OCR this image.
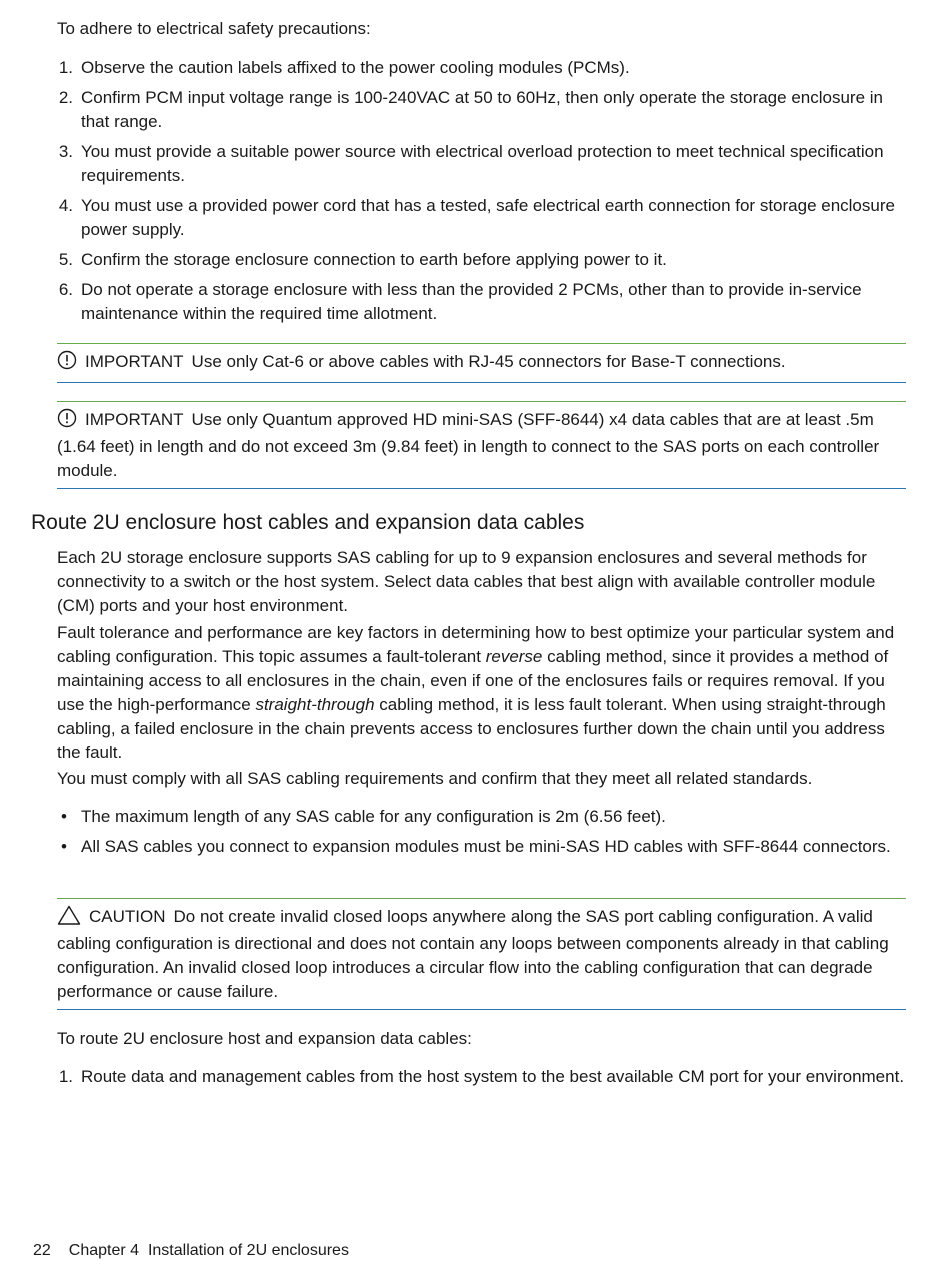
To adhere to electrical safety precautions:

1. Observe the caution labels affixed to the power cooling modules (PCMs).
2. Confirm PCM input voltage range is 100-240VAC at 50 to 60Hz, then only operate the storage enclosure in that range.
3. You must provide a suitable power source with electrical overload protection to meet technical specification requirements.
4. You must use a provided power cord that has a tested, safe electrical earth connection for storage enclosure power supply.
5. Confirm the storage enclosure connection to earth before applying power to it.
6. Do not operate a storage enclosure with less than the provided 2 PCMs, other than to provide in-service maintenance within the required time allotment.
IMPORTANT Use only Cat-6 or above cables with RJ-45 connectors for Base-T connections.
IMPORTANT Use only Quantum approved HD mini-SAS (SFF-8644) x4 data cables that are at least .5m (1.64 feet) in length and do not exceed 3m (9.84 feet) in length to connect to the SAS ports on each controller module.
Route 2U enclosure host cables and expansion data cables

Each 2U storage enclosure supports SAS cabling for up to 9 expansion enclosures and several methods for connectivity to a switch or the host system. Select data cables that best align with available controller module (CM) ports and your host environment.

Fault tolerance and performance are key factors in determining how to best optimize your particular system and cabling configuration. This topic assumes a fault-tolerant reverse cabling method, since it provides a method of maintaining access to all enclosures in the chain, even if one of the enclosures fails or requires removal. If you use the high-performance straight-through cabling method, it is less fault tolerant. When using straight-through cabling, a failed enclosure in the chain prevents access to enclosures further down the chain until you address the fault.

You must comply with all SAS cabling requirements and confirm that they meet all related standards.

• The maximum length of any SAS cable for any configuration is 2m (6.56 feet).
• All SAS cables you connect to expansion modules must be mini-SAS HD cables with SFF-8644 connectors.
CAUTION Do not create invalid closed loops anywhere along the SAS port cabling configuration. A valid cabling configuration is directional and does not contain any loops between components already in that cabling configuration. An invalid closed loop introduces a circular flow into the cabling configuration that can degrade performance or cause failure.

To route 2U enclosure host and expansion data cables:

1. Route data and management cables from the host system to the best available CM port for your environment.
22 Chapter 4  Installation of 2U enclosures
